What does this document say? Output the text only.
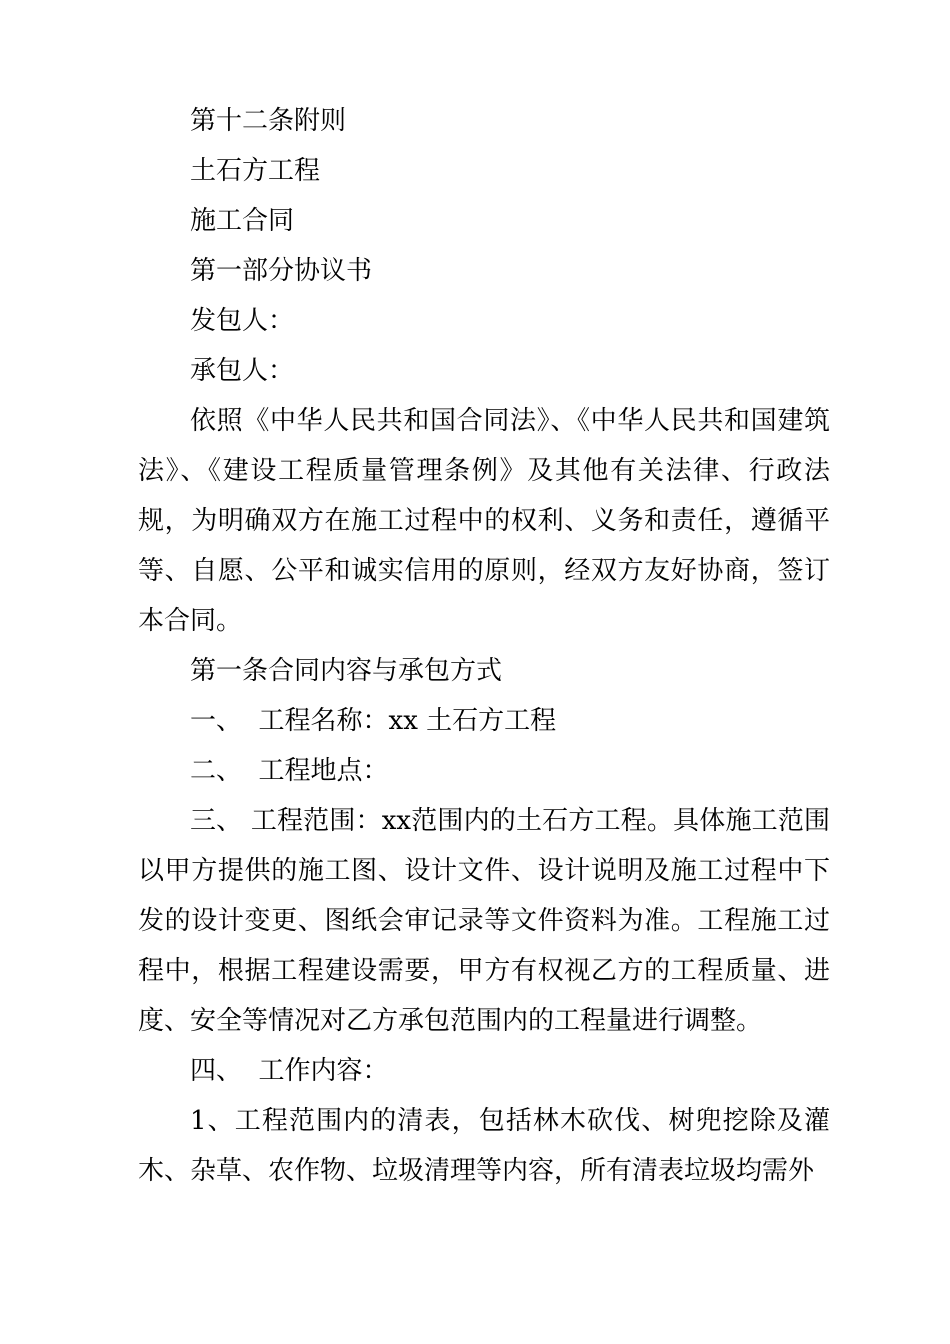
第十二条附则

土石方工程

施工合同

第一部分协议书

发包人：

承包人：

依照《中华人民共和国合同法》、《中华人民共和国建筑法》、《建设工程质量管理条例》及其他有关法律、行政法规，为明确双方在施工过程中的权利、义务和责任，遵循平等、自愿、公平和诚实信用的原则，经双方友好协商，签订本合同。

第一条合同内容与承包方式

一、  工程名称：xx 土石方工程

二、  工程地点：

三、 工程范围：xx范围内的土石方工程。具体施工范围以甲方提供的施工图、设计文件、设计说明及施工过程中下发的设计变更、图纸会审记录等文件资料为准。工程施工过程中，根据工程建设需要，甲方有权视乙方的工程质量、进度、安全等情况对乙方承包范围内的工程量进行调整。

四、  工作内容：

1、工程范围内的清表，包括林木砍伐、树兜挖除及灌木、杂草、农作物、垃圾清理等内容，所有清表垃圾均需外
